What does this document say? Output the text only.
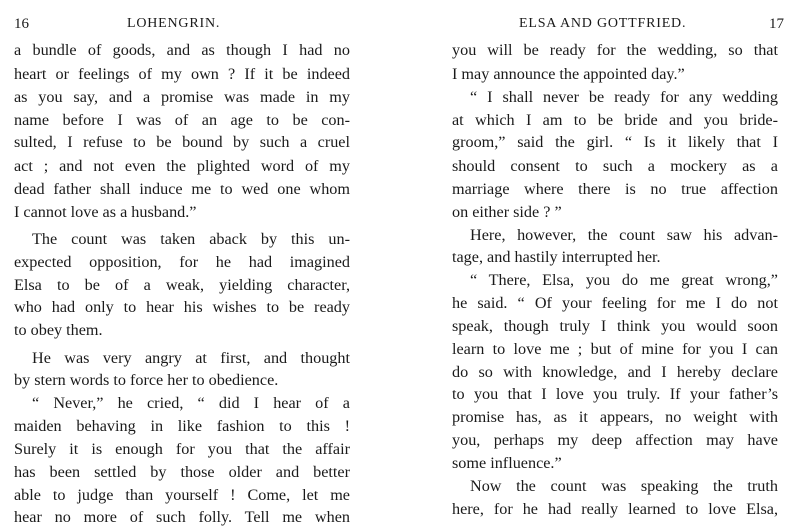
16	LOHENGRIN.
a bundle of goods, and as though I had no
heart or feelings of my own ? If it be indeed
as you say, and a promise was made in my
name before I was of an age to be con-
sulted, I refuse to be bound by such a cruel
act ; and not even the plighted word of my
dead father shall induce me to wed one whom
I cannot love as a husband.”
The count was taken aback by this un-
expected opposition, for he had imagined
Elsa to be of a weak, yielding character,
who had only to hear his wishes to be ready
to obey them.
He was very angry at first, and thought
by stern words to force her to obedience.
“ Never,” he cried, “ did I hear of a
maiden behaving in like fashion to this !
Surely it is enough for you that the affair
has been settled by those older and better
able to judge than yourself ! Come, let me
hear no more of such folly. Tell me when
ELSA AND GOTTFRIED.	17
you will be ready for the wedding, so that
I may announce the appointed day.”
“ I shall never be ready for any wedding
at which I am to be bride and you bride-
groom,” said the girl. “ Is it likely that I
should consent to such a mockery as a
marriage where there is no true affection
on either side ? ”
Here, however, the count saw his advan-
tage, and hastily interrupted her.
“ There, Elsa, you do me great wrong,”
he said. “ Of your feeling for me I do not
speak, though truly I think you would soon
learn to love me ; but of mine for you I can
do so with knowledge, and I hereby declare
to you that I love you truly. If your father’s
promise has, as it appears, no weight with
you, perhaps my deep affection may have
some influence.”
Now the count was speaking the truth
here, for he had really learned to love Elsa,
